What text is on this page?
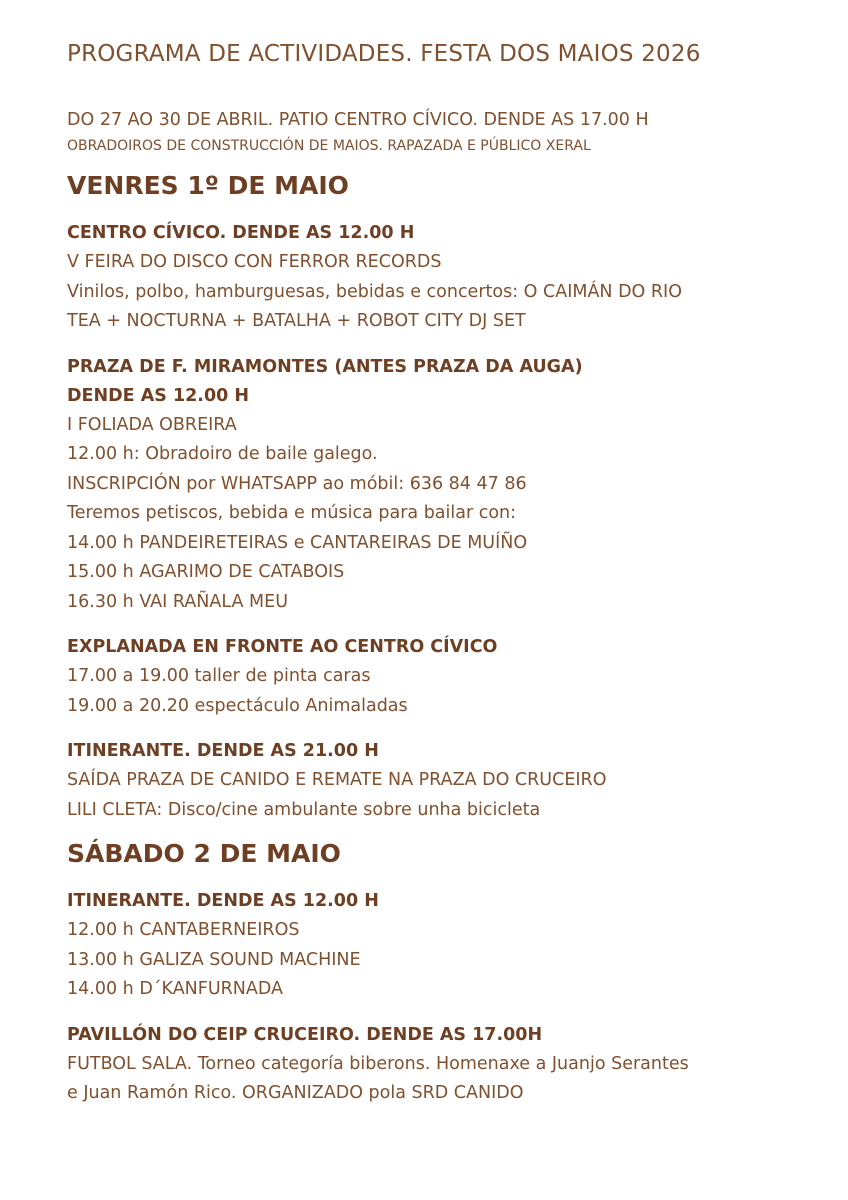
PROGRAMA DE ACTIVIDADES. FESTA DOS MAIOS 2026

DO 27 AO 30 DE ABRIL. PATIO CENTRO CÍVICO. DENDE AS 17.00 H

OBRADOIROS DE CONSTRUCCIÓN DE MAIOS. RAPAZADA E PÚBLICO XERAL

VENRES 1º DE MAIO

CENTRO CÍVICO. DENDE AS 12.00 H

V FEIRA DO DISCO CON FERROR RECORDS

Vinilos, polbo, hamburguesas, bebidas e concertos: O CAIMÁN DO RIO

TEA + NOCTURNA + BATALHA + ROBOT CITY DJ SET

PRAZA DE F. MIRAMONTES (ANTES PRAZA DA AUGA)

DENDE AS 12.00 H

I FOLIADA OBREIRA

12.00 h: Obradoiro de baile galego.

INSCRIPCIÓN por WHATSAPP ao móbil: 636 84 47 86

Teremos petiscos, bebida e música para bailar con:

14.00 h PANDEIRETEIRAS e CANTAREIRAS DE MUÍÑO

15.00 h AGARIMO DE CATABOIS

16.30 h VAI RAÑALA MEU

EXPLANADA EN FRONTE AO CENTRO CÍVICO

17.00 a 19.00 taller de pinta caras

19.00 a 20.20 espectáculo Animaladas

ITINERANTE. DENDE AS 21.00 H

SAÍDA PRAZA DE CANIDO E REMATE NA PRAZA DO CRUCEIRO

LILI CLETA: Disco/cine ambulante sobre unha bicicleta

SÁBADO 2 DE MAIO

ITINERANTE. DENDE AS 12.00 H

12.00 h CANTABERNEIROS

13.00 h GALIZA SOUND MACHINE

14.00 h D´KANFURNADA

PAVILLÓN DO CEIP CRUCEIRO. DENDE AS 17.00H

FUTBOL SALA. Torneo categoría biberons. Homenaxe a Juanjo Serantes

e Juan Ramón Rico. ORGANIZADO pola SRD CANIDO
